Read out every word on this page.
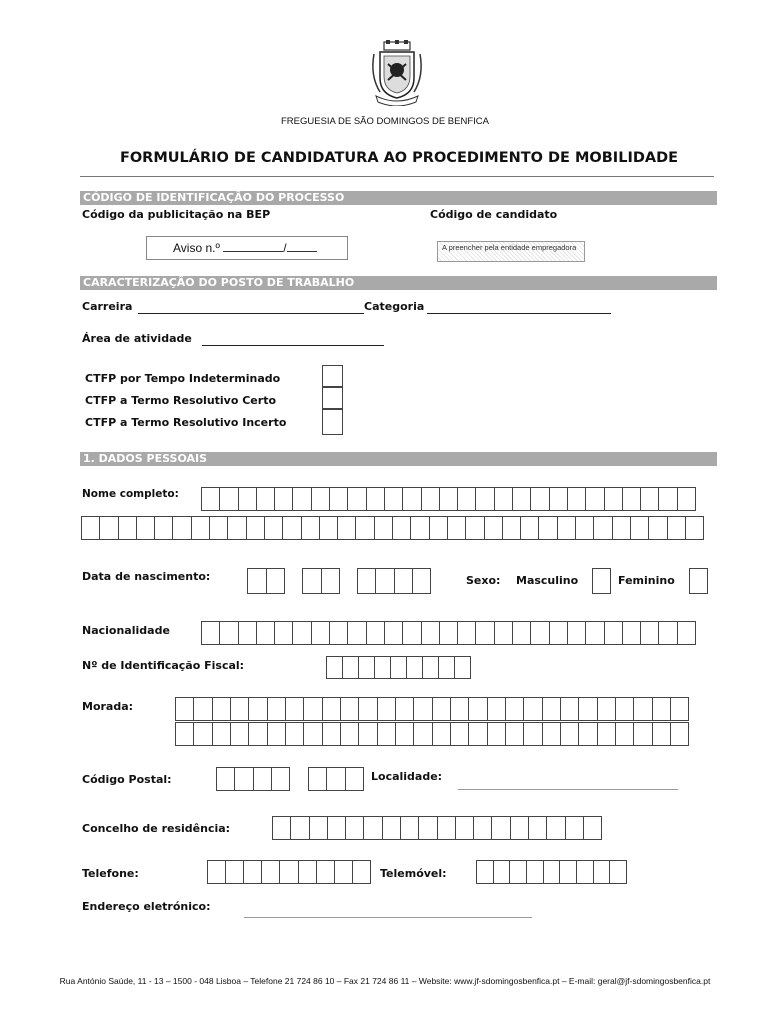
FREGUESIA DE SÃO DOMINGOS DE BENFICA
FORMULÁRIO DE CANDIDATURA AO PROCEDIMENTO DE MOBILIDADE
CÓDIGO DE IDENTIFICAÇÃO DO PROCESSO
Código da publicitação na BEP	Código de candidato
Aviso n.º	/	A preencher pela entidade empregadora
CARACTERIZAÇÃO DO POSTO DE TRABALHO
Carreira	Categoria
Área de atividade
CTFP por Tempo Indeterminado
CTFP a Termo Resolutivo Certo
CTFP a Termo Resolutivo Incerto
1. DADOS PESSOAIS
Nome completo:
Data de nascimento:	Sexo: Masculino	Feminino
Nacionalidade
Nº de Identificação Fiscal:
Morada:
Código Postal:	Localidade:
Concelho de residência:
Telefone:	Telemóvel:
Endereço eletrónico:
Rua António Saúde, 11 - 13 – 1500 - 048 Lisboa – Telefone 21 724 86 10 – Fax 21 724 86 11 – Website: www.jf-sdomingosbenfica.pt – E-mail: geral@jf-sdomingosbenfica.pt
